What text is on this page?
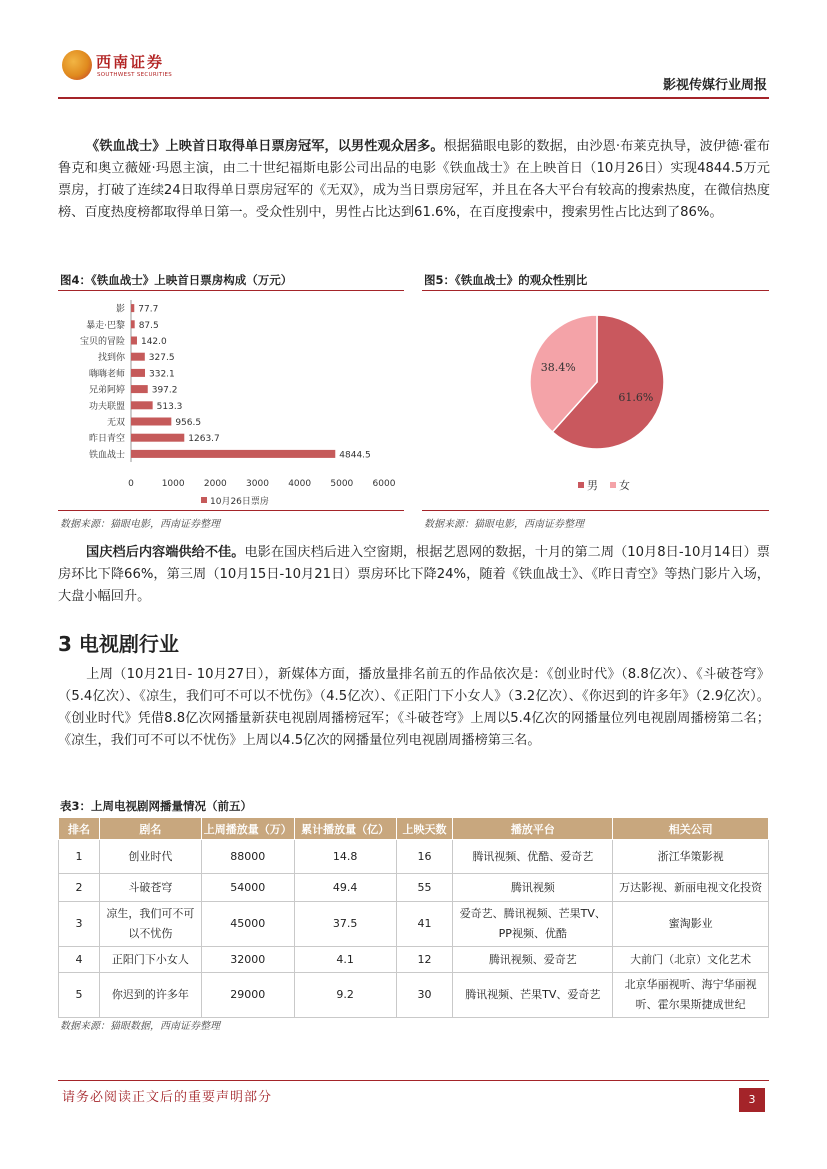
西南证券
SOUTHWEST SECURITIES
影视传媒行业周报
《铁血战士》上映首日取得单日票房冠军，以男性观众居多。根据猫眼电影的数据，由沙恩·布莱克执导，波伊德·霍布鲁克和奥立薇娅·玛恩主演，由二十世纪福斯电影公司出品的电影《铁血战士》在上映首日（10月26日）实现4844.5万元票房，打破了连续24日取得单日票房冠军的《无双》，成为当日票房冠军，并且在各大平台有较高的搜索热度，在微信热度榜、百度热度榜都取得单日第一。受众性别中，男性占比达到61.6%，在百度搜索中，搜索男性占比达到了86%。
图4：《铁血战士》上映首日票房构成（万元）
影 77.7
暴走·巴黎 87.5
宝贝的冒险 142.0
找到你	327.5
嗨嗨老师	332.1
兄弟阿婷	397.2
功夫联盟	513.3
无双	956.5
昨日青空	1263.7
铁血战士	4844.5
0	1000 2000 3000 4000 5000 6000
10月26日票房
数据来源：猫眼电影，西南证券整理
图5：《铁血战士》的观众性别比
61.6%
38.4%
男 女
数据来源：猫眼电影，西南证券整理
国庆档后内容端供给不佳。电影在国庆档后进入空窗期，根据艺恩网的数据，十月的第二周（10月8日-10月14日）票房环比下降66%，第三周（10月15日-10月21日）票房环比下降24%，随着《铁血战士》、《昨日青空》等热门影片入场，大盘小幅回升。
3 电视剧行业
上周（10月21日- 10月27日），新媒体方面，播放量排名前五的作品依次是：《创业时代》（8.8亿次）、《斗破苍穹》（5.4亿次）、《凉生，我们可不可以不忧伤》（4.5亿次）、《正阳门下小女人》（3.2亿次）、《你迟到的许多年》（2.9亿次）。《创业时代》凭借8.8亿次网播量新获电视剧周播榜冠军；《斗破苍穹》上周以5.4亿次的网播量位列电视剧周播榜第二名；《凉生，我们可不可以不忧伤》上周以4.5亿次的网播量位列电视剧周播榜第三名。
表3：上周电视剧网播量情况（前五）
排名	剧名	上周播放量（万）	累计播放量（亿）	上映天数	播放平台	相关公司
1	创业时代	88000	14.8	16	腾讯视频、优酷、爱奇艺	浙江华策影视
2	斗破苍穹	54000	49.4	55	腾讯视频	万达影视、新丽电视文化投资
3	凉生，我们可不可以不忧伤	45000	37.5	41	爱奇艺、腾讯视频、芒果TV、PP视频、优酷	蜜淘影业
4	正阳门下小女人	32000	4.1	12	腾讯视频、爱奇艺	大前门（北京）文化艺术
5	你迟到的许多年	29000	9.2	30	腾讯视频、芒果TV、爱奇艺	北京华丽视听、海宁华丽视听、霍尔果斯捷成世纪
数据来源：猫眼数据，西南证券整理
请务必阅读正文后的重要声明部分	3
